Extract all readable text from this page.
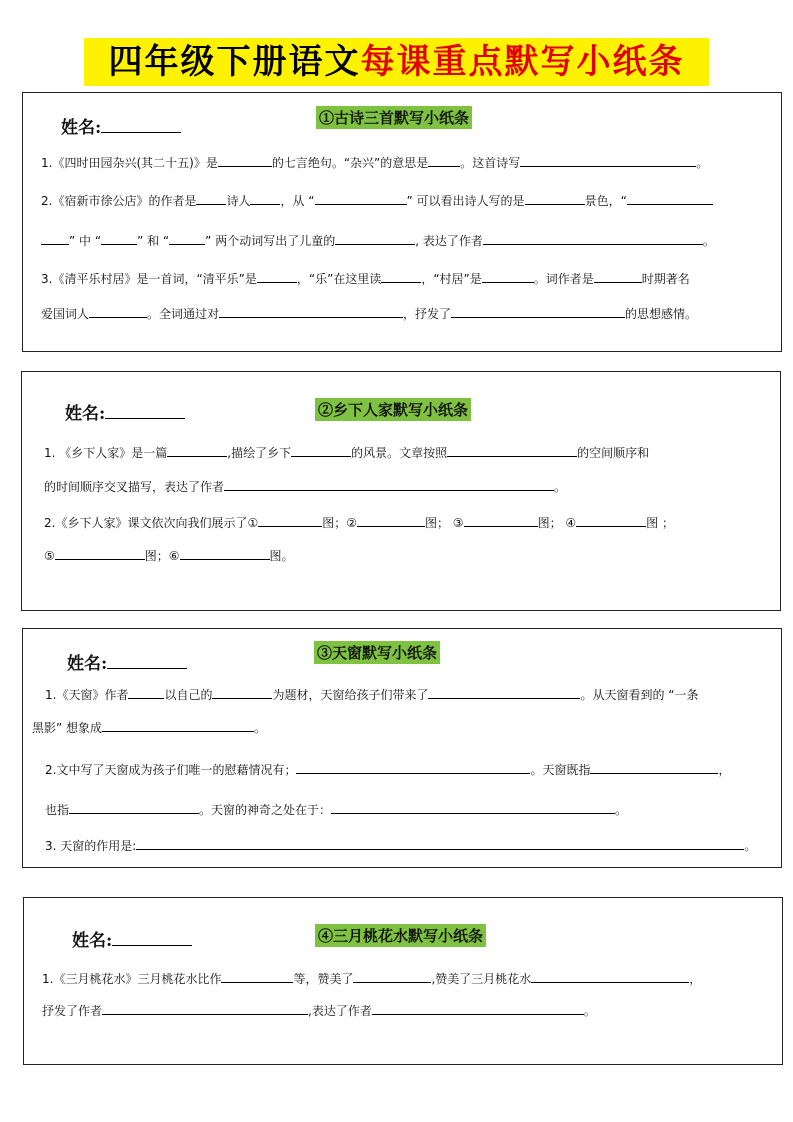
四年级下册语文每课重点默写小纸条
姓名:	①古诗三首默写小纸条
1.《四时田园杂兴(其二十五)》是	的七言绝句。“杂兴”的意思是	。这首诗写	。
2.《宿新市徐公店》的作者是	诗人	，从 “	” 可以看出诗人写的是	景色，“
” 中 “	” 和 “	” 两个动词写出了儿童的	, 表达了作者	。
3.《清平乐村居》是一首词，“清平乐”是	，“乐”在这里读	，“村居”是	。词作者是	时期著名
爱国词人	。全词通过对	，抒发了	的思想感情。
姓名:	②乡下人家默写小纸条
1. 《乡下人家》是一篇	,描绘了乡下	的风景。文章按照	的空间顺序和
的时间顺序交叉描写，表达了作者	。
2.《乡下人家》课文依次向我们展示了①	图；②	图； ③	图； ④	图 ；
⑤	图；⑥	图。
姓名:
③天窗默写小纸条
1.《天窗》作者	以自己的	为题材，天窗给孩子们带来了	。从天窗看到的 “一条
黑影” 想象成	。
2.文中写了天窗成为孩子们唯一的慰藉情况有；	。天窗既指	，
也指	。天窗的神奇之处在于：	。
3. 天窗的作用是:	。
姓名:	④三月桃花水默写小纸条
1.《三月桃花水》三月桃花水比作	等，赞美了	,赞美了三月桃花水	，
抒发了作者	,表达了作者	。
